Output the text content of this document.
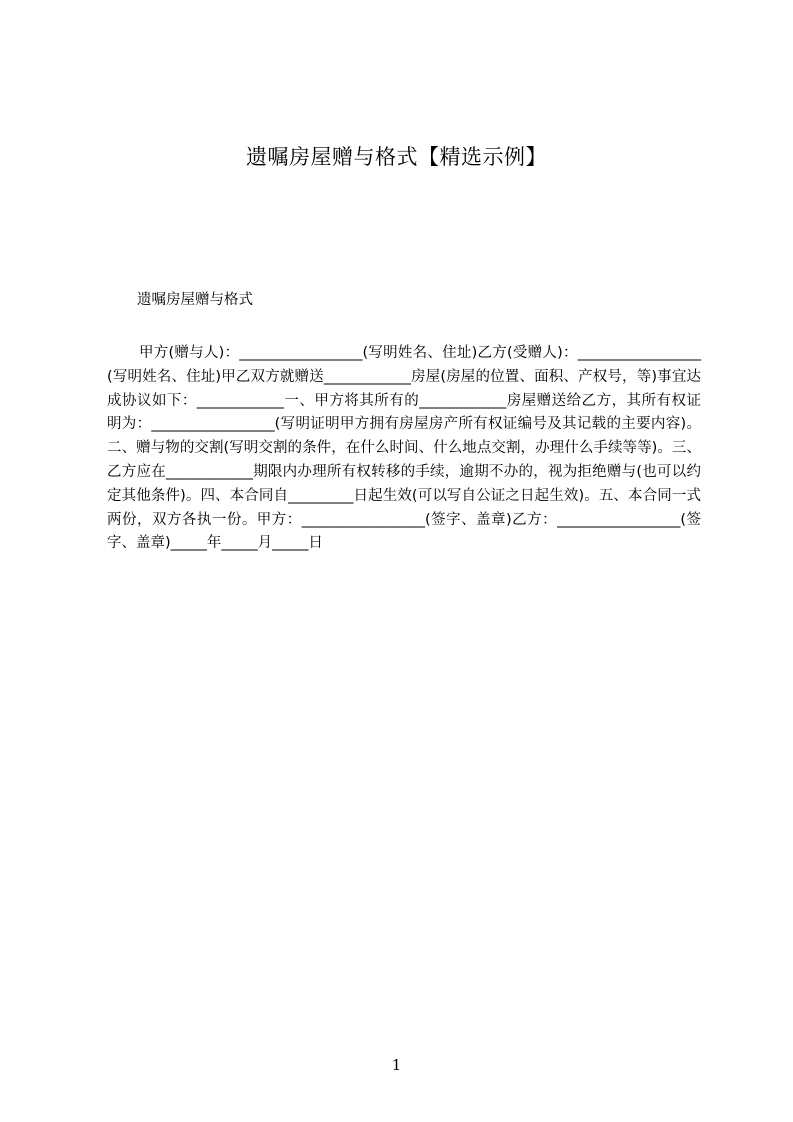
遗嘱房屋赠与格式【精选示例】
遗嘱房屋赠与格式

甲方(赠与人)：_________________(写明姓名、住址)乙方(受赠人)：_________________(写明姓名、住址)甲乙双方就赠送____________房屋(房屋的位置、面积、产权号，等)事宜达成协议如下：____________一、甲方将其所有的____________房屋赠送给乙方，其所有权证明为：_________________(写明证明甲方拥有房屋房产所有权证编号及其记载的主要内容)。二、赠与物的交割(写明交割的条件，在什么时间、什么地点交割，办理什么手续等等)。三、乙方应在____________期限内办理所有权转移的手续，逾期不办的，视为拒绝赠与(也可以约定其他条件)。四、本合同自_________日起生效(可以写自公证之日起生效)。五、本合同一式两份，双方各执一份。甲方：_________________(签字、盖章)乙方：_________________(签字、盖章)_____年_____月_____日

1
